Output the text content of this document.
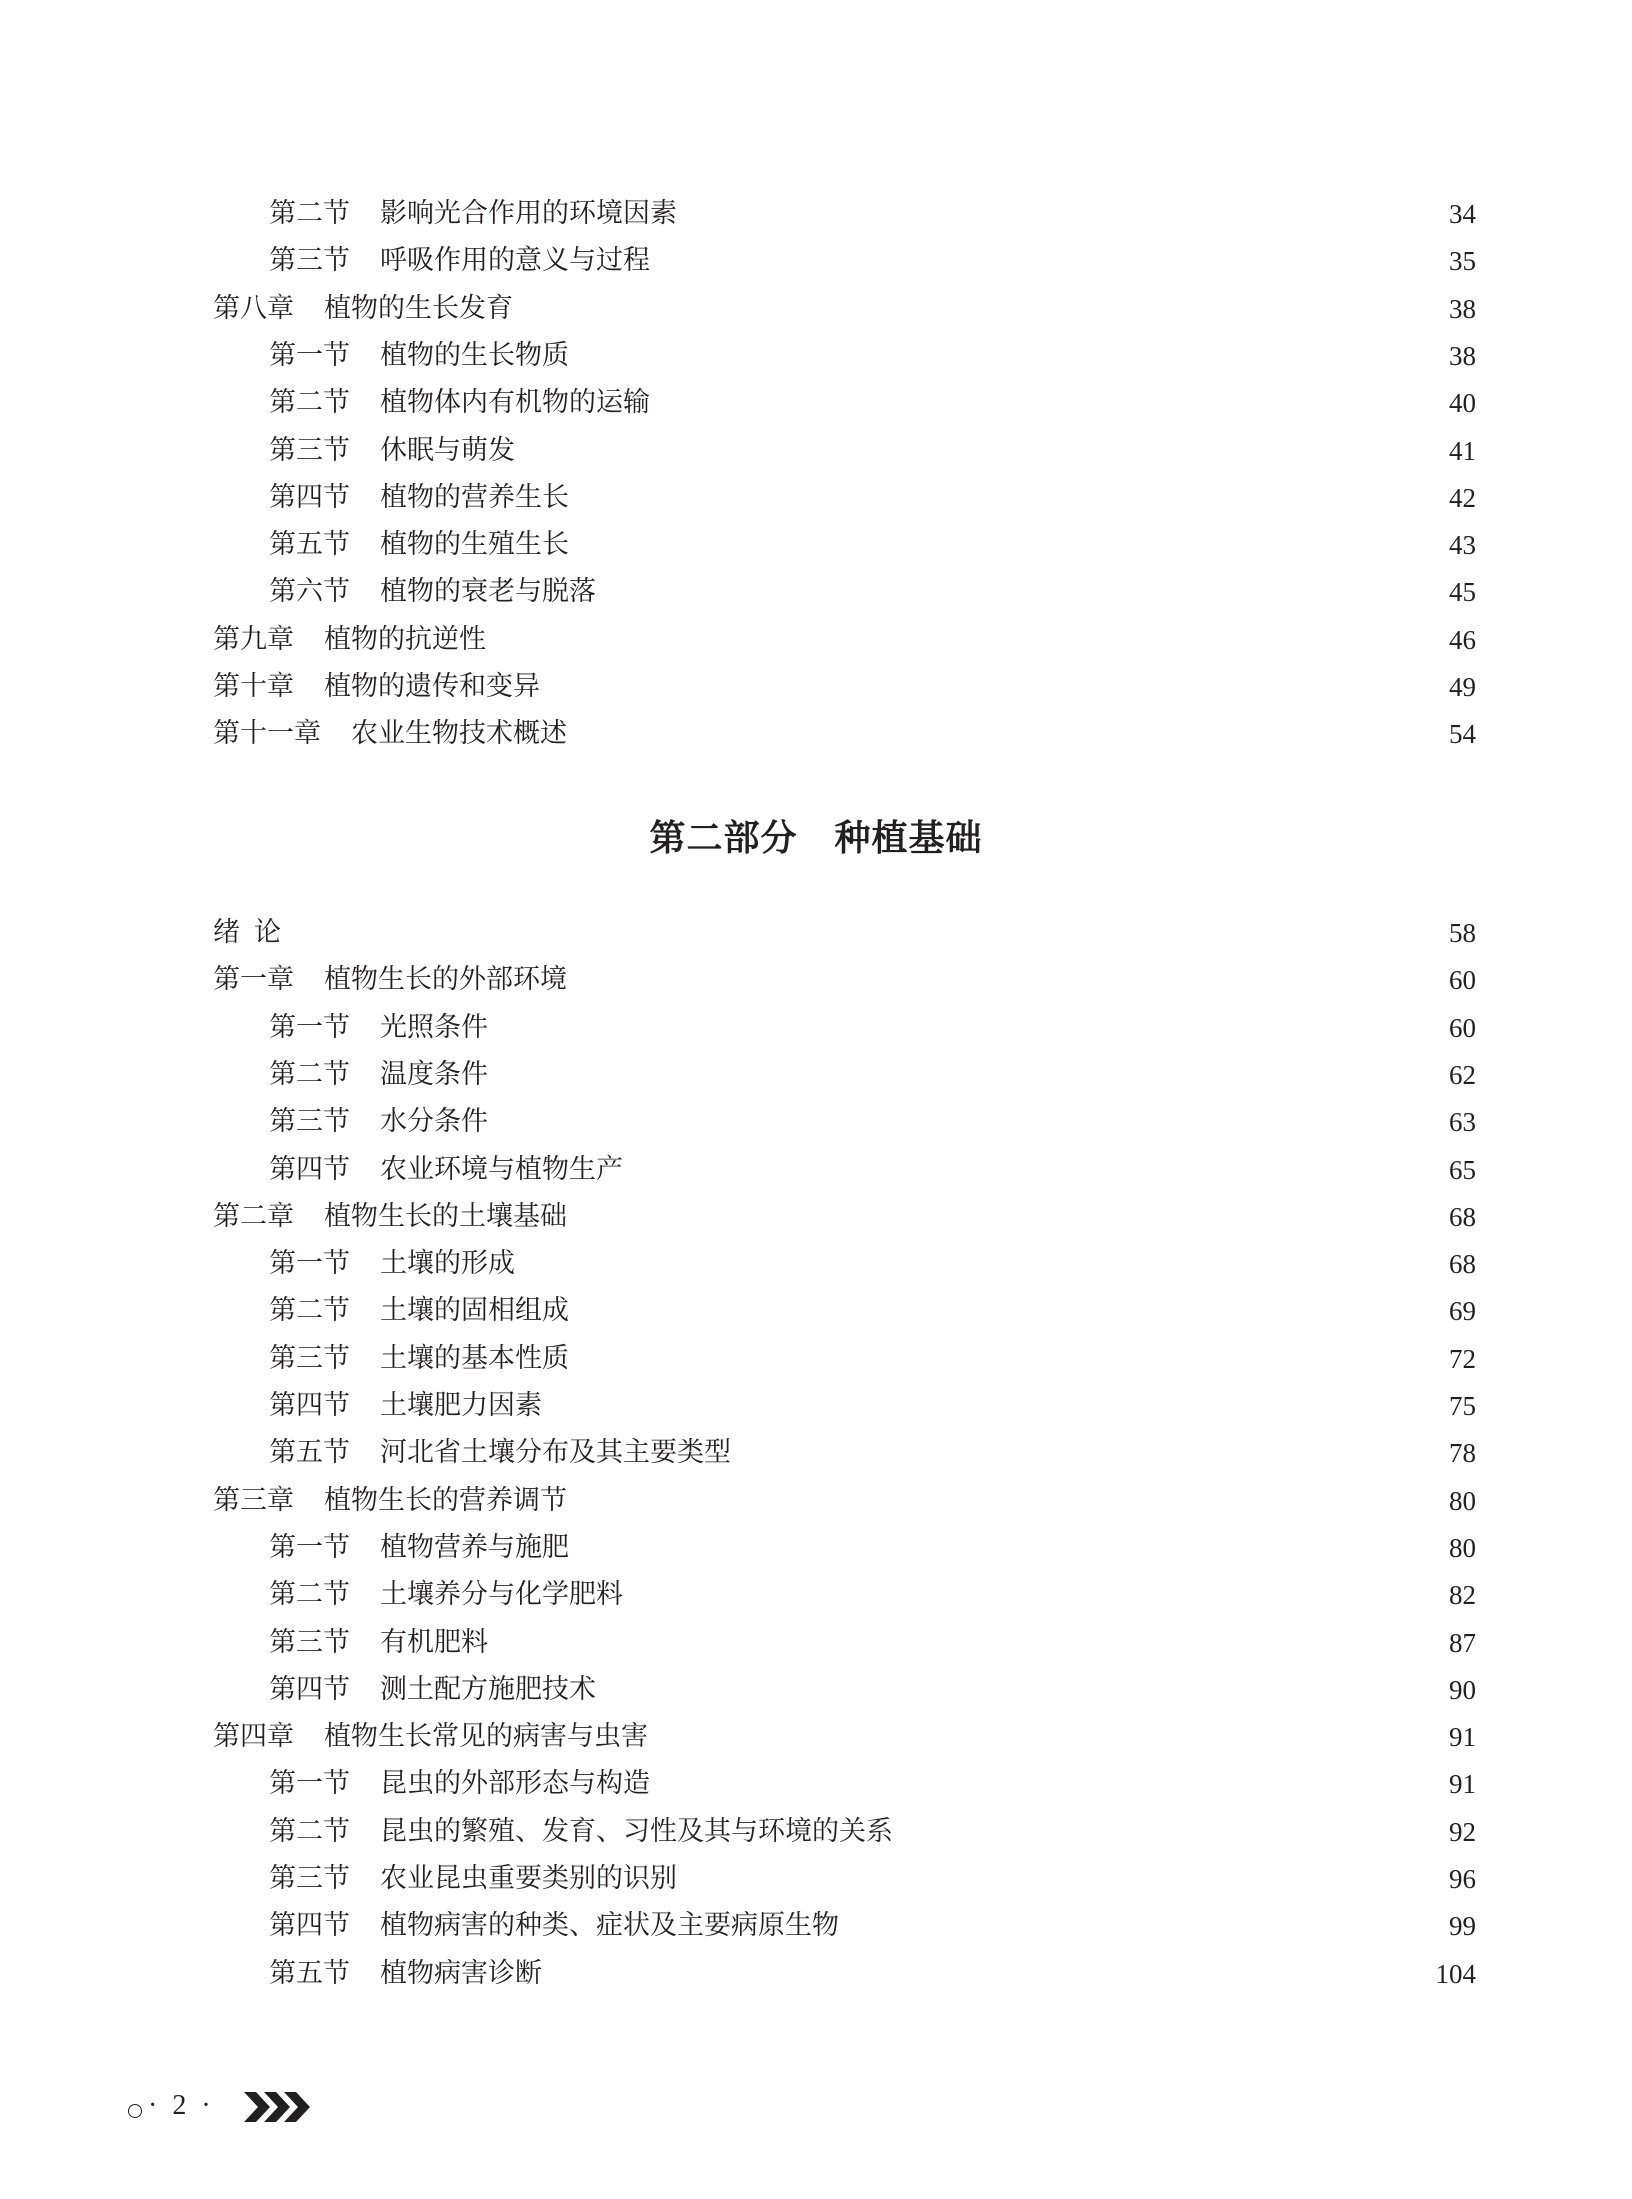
第二节 影响光合作用的环境因素	34
第三节 呼吸作用的意义与过程	35
第八章 植物的生长发育	38
第一节 植物的生长物质	38
第二节 植物体内有机物的运输	40
第三节 休眠与萌发	41
第四节 植物的营养生长	42
第五节 植物的生殖生长	43
第六节 植物的衰老与脱落	45
第九章 植物的抗逆性	46
第十章 植物的遗传和变异	49
第十一章 农业生物技术概述	54
绪论	58
第一章 植物生长的外部环境	60
第一节 光照条件	60
第二节 温度条件	62
第三节 水分条件	63
第四节 农业环境与植物生产	65
第二章 植物生长的土壤基础	68
第一节 土壤的形成	68
第二节 土壤的固相组成	69
第三节 土壤的基本性质	72
第四节 土壤肥力因素	75
第五节 河北省土壤分布及其主要类型	78
第三章 植物生长的营养调节	80
第一节 植物营养与施肥	80
第二节 土壤养分与化学肥料	82
第三节 有机肥料	87
第四节 测土配方施肥技术	90
第四章 植物生长常见的病害与虫害	91
第一节 昆虫的外部形态与构造	91
第二节 昆虫的繁殖、发育、习性及其与环境的关系	92
第三节 农业昆虫重要类别的识别	96
第四节 植物病害的种类、症状及主要病原生物	99
第五节 植物病害诊断	104
第二部分　种植基础
· 2 ·
